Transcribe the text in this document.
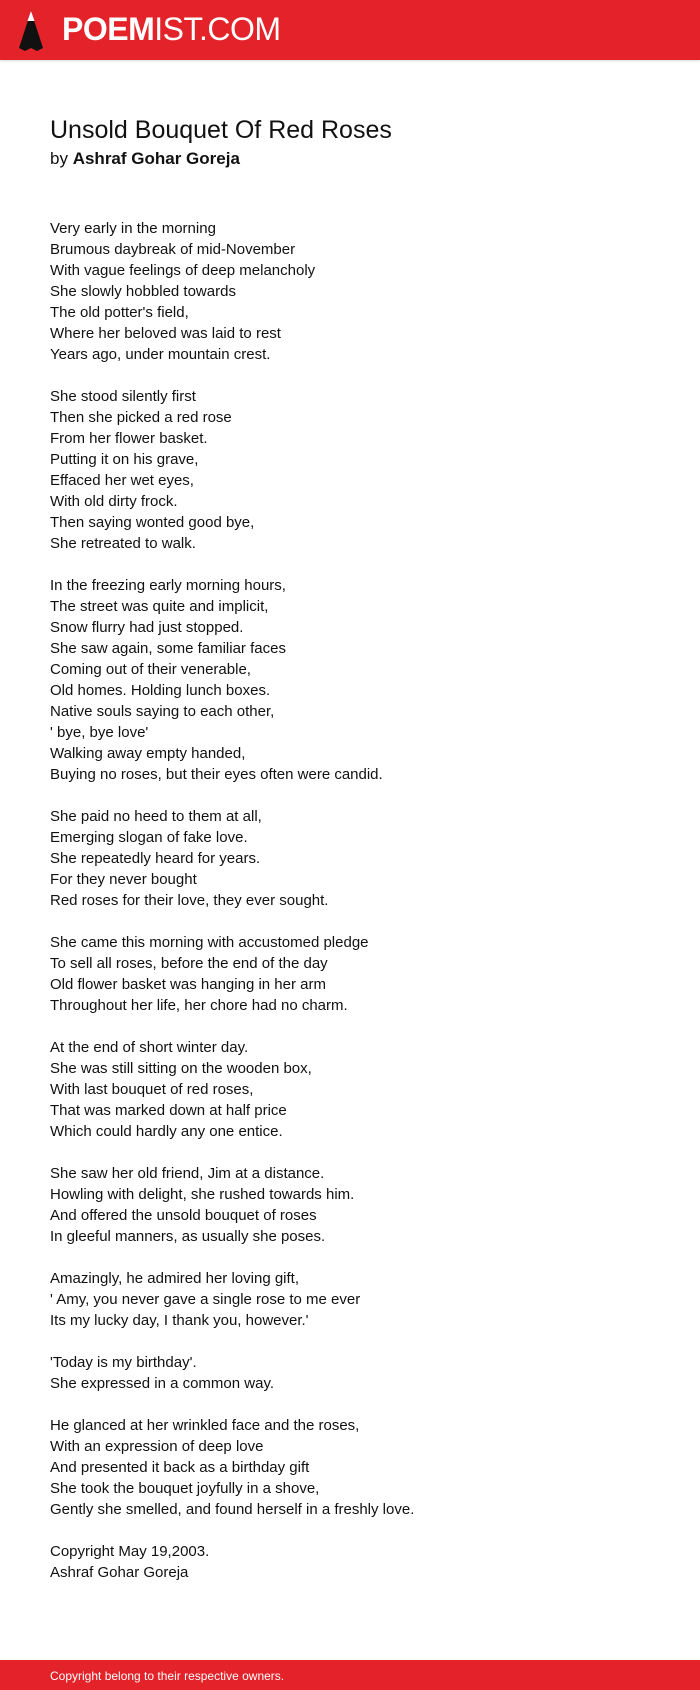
POEMIST.COM
Unsold Bouquet Of Red Roses
by Ashraf Gohar Goreja
Very early in the morning
Brumous daybreak of mid-November
With vague feelings of deep melancholy
She slowly hobbled towards
The old potter's field,
Where her beloved was laid to rest
Years ago, under mountain crest.
She stood silently first
Then she picked a red rose
From her flower basket.
Putting it on his grave,
Effaced her wet eyes,
With old dirty frock.
Then saying wonted good bye,
She retreated to walk.
In the freezing early morning hours,
The street was quite and implicit,
Snow flurry had just stopped.
She saw again, some familiar faces
Coming out of their venerable,
Old homes. Holding lunch boxes.
Native souls saying to each other,
' bye, bye love'
Walking away empty handed,
Buying no roses, but their eyes often were candid.
She paid no heed to them at all,
Emerging slogan of fake love.
She repeatedly heard for years.
For they never bought
Red roses for their love, they ever sought.
She came this morning with accustomed pledge
To sell all roses, before the end of the day
Old flower basket was hanging in her arm
Throughout her life, her chore had no charm.
At the end of short winter day.
She was still sitting on the wooden box,
With last bouquet of red roses,
That was marked down at half price
Which could hardly any one entice.
She saw her old friend, Jim at a distance.
Howling with delight, she rushed towards him.
And offered the unsold bouquet of roses
In gleeful manners, as usually she poses.
Amazingly, he admired her loving gift,
' Amy, you never gave a single rose to me ever
Its my lucky day, I thank you, however.'
'Today is my birthday'.
She expressed in a common way.
He glanced at her wrinkled face and the roses,
With an expression of deep love
And presented it back as a birthday gift
She took the bouquet joyfully in a shove,
Gently she smelled, and found herself in a freshly love.
Copyright May 19,2003.
Ashraf Gohar Goreja
Copyright belong to their respective owners.
